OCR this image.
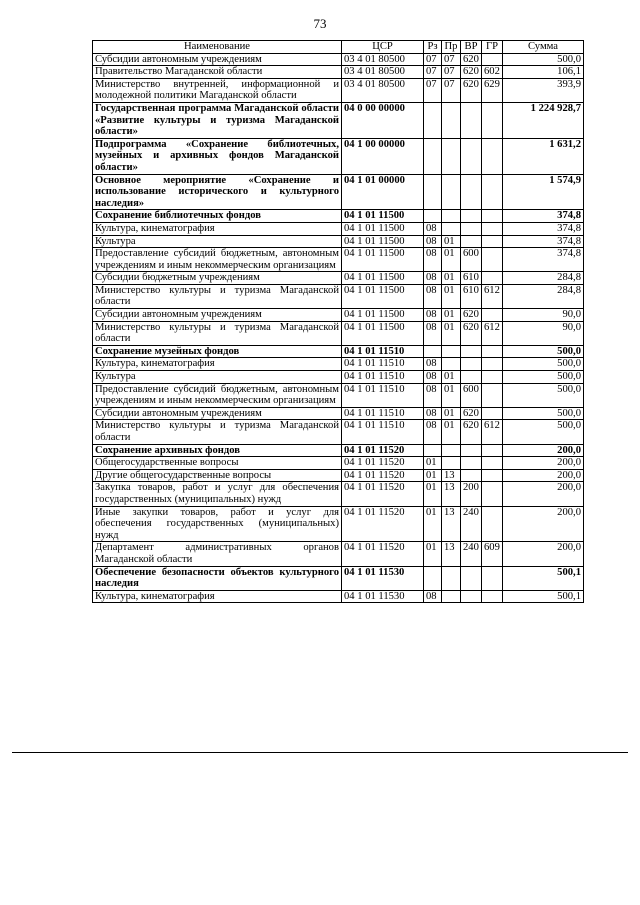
73
Наименование	ЦСР	Рз	Пр	ВР	ГР	Сумма
Субсидии автономным учреждениям	03 4 01 80500	07	07	620		500,0
Правительство Магаданской области	03 4 01 80500	07	07	620	602	106,1
Министерство внутренней, информационной и молодежной политики Магаданской области	03 4 01 80500	07	07	620	629	393,9
Государственная программа Магаданской области «Развитие культуры и туризма Магаданской области»	04 0 00 00000					1 224 928,7
Подпрограмма «Сохранение библиотечных, музейных и архивных фондов Магаданской области»	04 1 00 00000					1 631,2
Основное мероприятие «Сохранение и использование исторического и культурного наследия»	04 1 01 00000					1 574,9
Сохранение библиотечных фондов	04 1 01 11500					374,8
Культура, кинематография	04 1 01 11500	08				374,8
Культура	04 1 01 11500	08	01			374,8
Предоставление субсидий бюджетным, автономным учреждениям и иным некоммерческим организациям	04 1 01 11500	08	01	600		374,8
Субсидии бюджетным учреждениям	04 1 01 11500	08	01	610		284,8
Министерство культуры и туризма Магаданской области	04 1 01 11500	08	01	610	612	284,8
Субсидии автономным учреждениям	04 1 01 11500	08	01	620		90,0
Министерство культуры и туризма Магаданской области	04 1 01 11500	08	01	620	612	90,0
Сохранение музейных фондов	04 1 01 11510					500,0
Культура, кинематография	04 1 01 11510	08				500,0
Культура	04 1 01 11510	08	01			500,0
Предоставление субсидий бюджетным, автономным учреждениям и иным некоммерческим организациям	04 1 01 11510	08	01	600		500,0
Субсидии автономным учреждениям	04 1 01 11510	08	01	620		500,0
Министерство культуры и туризма Магаданской области	04 1 01 11510	08	01	620	612	500,0
Сохранение архивных фондов	04 1 01 11520					200,0
Общегосударственные вопросы	04 1 01 11520	01				200,0
Другие общегосударственные вопросы	04 1 01 11520	01	13			200,0
Закупка товаров, работ и услуг для обеспечения государственных (муниципальных) нужд	04 1 01 11520	01	13	200		200,0
Иные закупки товаров, работ и услуг для обеспечения государственных (муниципальных) нужд	04 1 01 11520	01	13	240		200,0
Департамент административных органов Магаданской области	04 1 01 11520	01	13	240	609	200,0
Обеспечение безопасности объектов культурного наследия	04 1 01 11530					500,1
Культура, кинематография	04 1 01 11530	08				500,1
